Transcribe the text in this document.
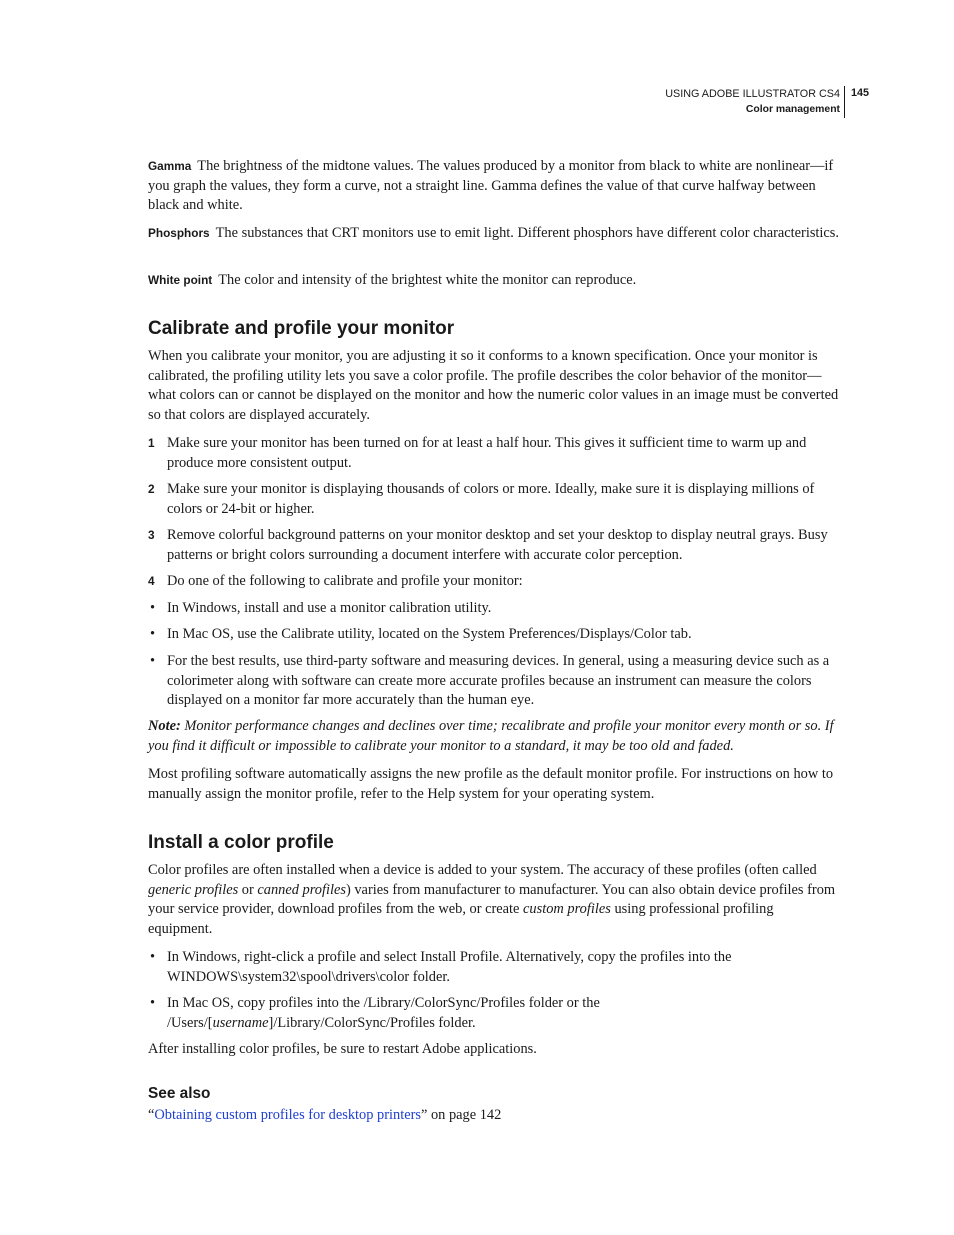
USING ADOBE ILLUSTRATOR CS4
Color management
145
Gamma The brightness of the midtone values. The values produced by a monitor from black to white are nonlinear—if you graph the values, they form a curve, not a straight line. Gamma defines the value of that curve halfway between black and white.
Phosphors The substances that CRT monitors use to emit light. Different phosphors have different color characteristics.
White point The color and intensity of the brightest white the monitor can reproduce.
Calibrate and profile your monitor
When you calibrate your monitor, you are adjusting it so it conforms to a known specification. Once your monitor is calibrated, the profiling utility lets you save a color profile. The profile describes the color behavior of the monitor—what colors can or cannot be displayed on the monitor and how the numeric color values in an image must be converted so that colors are displayed accurately.
1 Make sure your monitor has been turned on for at least a half hour. This gives it sufficient time to warm up and produce more consistent output.
2 Make sure your monitor is displaying thousands of colors or more. Ideally, make sure it is displaying millions of colors or 24-bit or higher.
3 Remove colorful background patterns on your monitor desktop and set your desktop to display neutral grays. Busy patterns or bright colors surrounding a document interfere with accurate color perception.
4 Do one of the following to calibrate and profile your monitor:
• In Windows, install and use a monitor calibration utility.
• In Mac OS, use the Calibrate utility, located on the System Preferences/Displays/Color tab.
• For the best results, use third-party software and measuring devices. In general, using a measuring device such as a colorimeter along with software can create more accurate profiles because an instrument can measure the colors displayed on a monitor far more accurately than the human eye.
Note: Monitor performance changes and declines over time; recalibrate and profile your monitor every month or so. If you find it difficult or impossible to calibrate your monitor to a standard, it may be too old and faded.
Most profiling software automatically assigns the new profile as the default monitor profile. For instructions on how to manually assign the monitor profile, refer to the Help system for your operating system.
Install a color profile
Color profiles are often installed when a device is added to your system. The accuracy of these profiles (often called generic profiles or canned profiles) varies from manufacturer to manufacturer. You can also obtain device profiles from your service provider, download profiles from the web, or create custom profiles using professional profiling equipment.
• In Windows, right-click a profile and select Install Profile. Alternatively, copy the profiles into the WINDOWS\system32\spool\drivers\color folder.
• In Mac OS, copy profiles into the /Library/ColorSync/Profiles folder or the /Users/[username]/Library/ColorSync/Profiles folder.
After installing color profiles, be sure to restart Adobe applications.
See also
“Obtaining custom profiles for desktop printers” on page 142
